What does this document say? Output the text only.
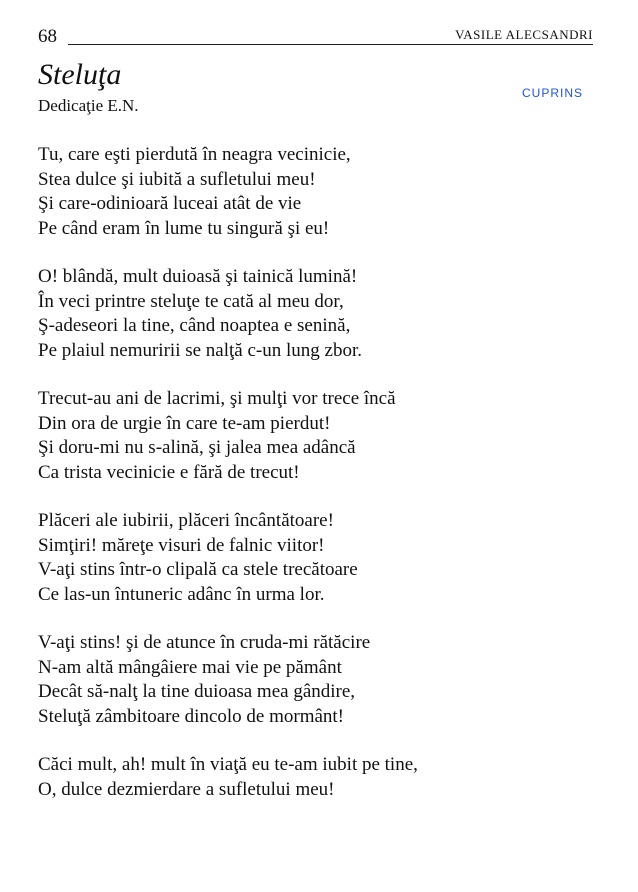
68	VASILE ALECSANDRI
Steluţa
CUPRINS
Dedicaţie E.N.
Tu, care eşti pierdută în neagra vecinicie,
Stea dulce şi iubită a sufletului meu!
Şi care-odinioară luceai atât de vie
Pe când eram în lume tu singură şi eu!
O! blândă, mult duioasă şi tainică lumină!
În veci printre steluţe te cată al meu dor,
Ş-adeseori la tine, când noaptea e senină,
Pe plaiul nemuririi se nalţă c-un lung zbor.
Trecut-au ani de lacrimi, şi mulţi vor trece încă
Din ora de urgie în care te-am pierdut!
Şi doru-mi nu s-alină, şi jalea mea adâncă
Ca trista vecinicie e fără de trecut!
Plăceri ale iubirii, plăceri încântătoare!
Simţiri! măreţe visuri de falnic viitor!
V-aţi stins într-o clipală ca stele trecătoare
Ce las-un întuneric adânc în urma lor.
V-aţi stins! şi de atunce în cruda-mi rătăcire
N-am altă mângâiere mai vie pe pământ
Decât să-nalţ la tine duioasa mea gândire,
Steluţă zâmbitoare dincolo de mormânt!
Căci mult, ah! mult în viaţă eu te-am iubit pe tine,
O, dulce dezmierdare a sufletului meu!
